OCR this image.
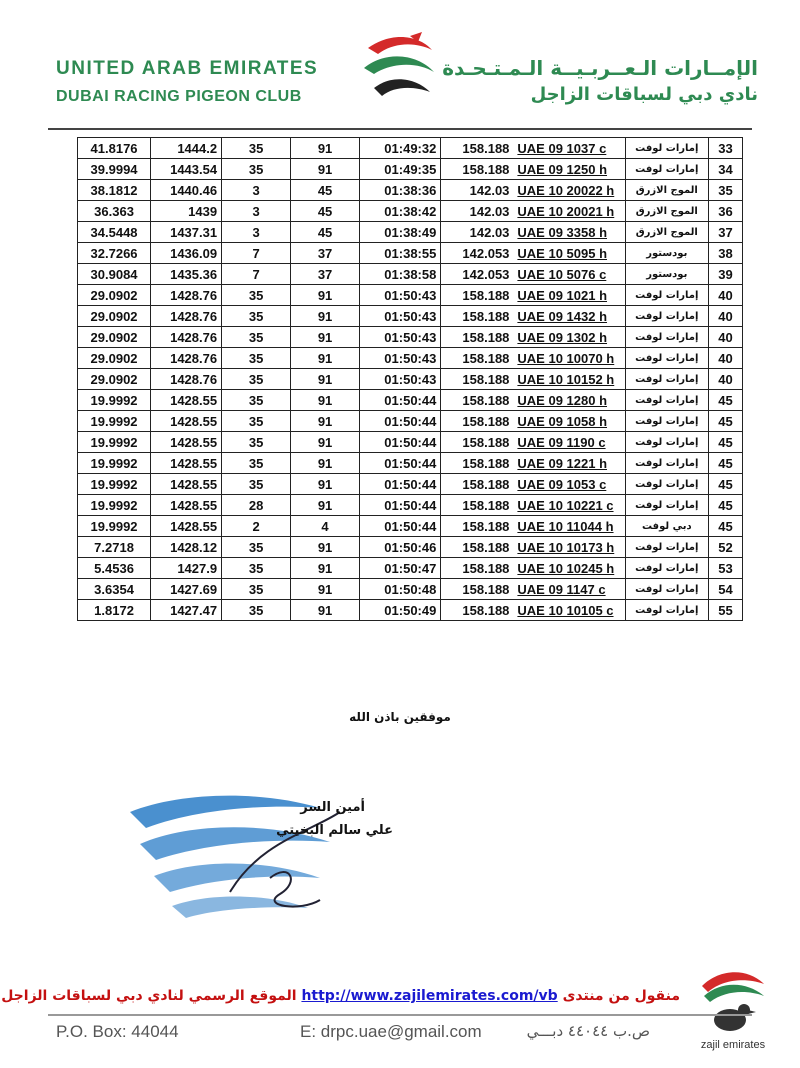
UNITED ARAB EMIRATES
DUBAI RACING PIGEON CLUB
الإمــارات الـعــربـيــة الـمـتـحـدة
نادي دبي لسباقات الزاجل
41.8176	1444.2	35	91	01:49:32	158.188	UAE 09 1037 c	إمارات لوفت	33
39.9994	1443.54	35	91	01:49:35	158.188	UAE 09 1250 h	إمارات لوفت	34
38.1812	1440.46	3	45	01:38:36	142.03	UAE 10 20022 h	الموج الازرق	35
36.363	1439	3	45	01:38:42	142.03	UAE 10 20021 h	الموج الازرق	36
34.5448	1437.31	3	45	01:38:49	142.03	UAE 09 3358 h	الموج الازرق	37
32.7266	1436.09	7	37	01:38:55	142.053	UAE 10 5095 h	بودستور	38
30.9084	1435.36	7	37	01:38:58	142.053	UAE 10 5076 c	بودستور	39
29.0902	1428.76	35	91	01:50:43	158.188	UAE 09 1021 h	إمارات لوفت	40
29.0902	1428.76	35	91	01:50:43	158.188	UAE 09 1432 h	إمارات لوفت	40
29.0902	1428.76	35	91	01:50:43	158.188	UAE 09 1302 h	إمارات لوفت	40
29.0902	1428.76	35	91	01:50:43	158.188	UAE 10 10070 h	إمارات لوفت	40
29.0902	1428.76	35	91	01:50:43	158.188	UAE 10 10152 h	إمارات لوفت	40
19.9992	1428.55	35	91	01:50:44	158.188	UAE 09 1280 h	إمارات لوفت	45
19.9992	1428.55	35	91	01:50:44	158.188	UAE 09 1058 h	إمارات لوفت	45
19.9992	1428.55	35	91	01:50:44	158.188	UAE 09 1190 c	إمارات لوفت	45
19.9992	1428.55	35	91	01:50:44	158.188	UAE 09 1221 h	إمارات لوفت	45
19.9992	1428.55	35	91	01:50:44	158.188	UAE 09 1053 c	إمارات لوفت	45
19.9992	1428.55	28	91	01:50:44	158.188	UAE 10 10221 c	إمارات لوفت	45
19.9992	1428.55	2	4	01:50:44	158.188	UAE 10 11044 h	دبي لوفت	45
7.2718	1428.12	35	91	01:50:46	158.188	UAE 10 10173 h	إمارات لوفت	52
5.4536	1427.9	35	91	01:50:47	158.188	UAE 10 10245 h	إمارات لوفت	53
3.6354	1427.69	35	91	01:50:48	158.188	UAE 09 1147 c	إمارات لوفت	54
1.8172	1427.47	35	91	01:50:49	158.188	UAE 10 10105 c	إمارات لوفت	55
موفقين باذن الله
أمين السر
علي سالم البخيتي
منقول من منتدى http://www.zajilemirates.com/vb الموقع الرسمي لنادي دبي لسباقات الزاجل
zajil emirates
P.O. Box: 44044	E: drpc.uae@gmail.com	ص.ب ٤٤٠٤٤ دبـــي
